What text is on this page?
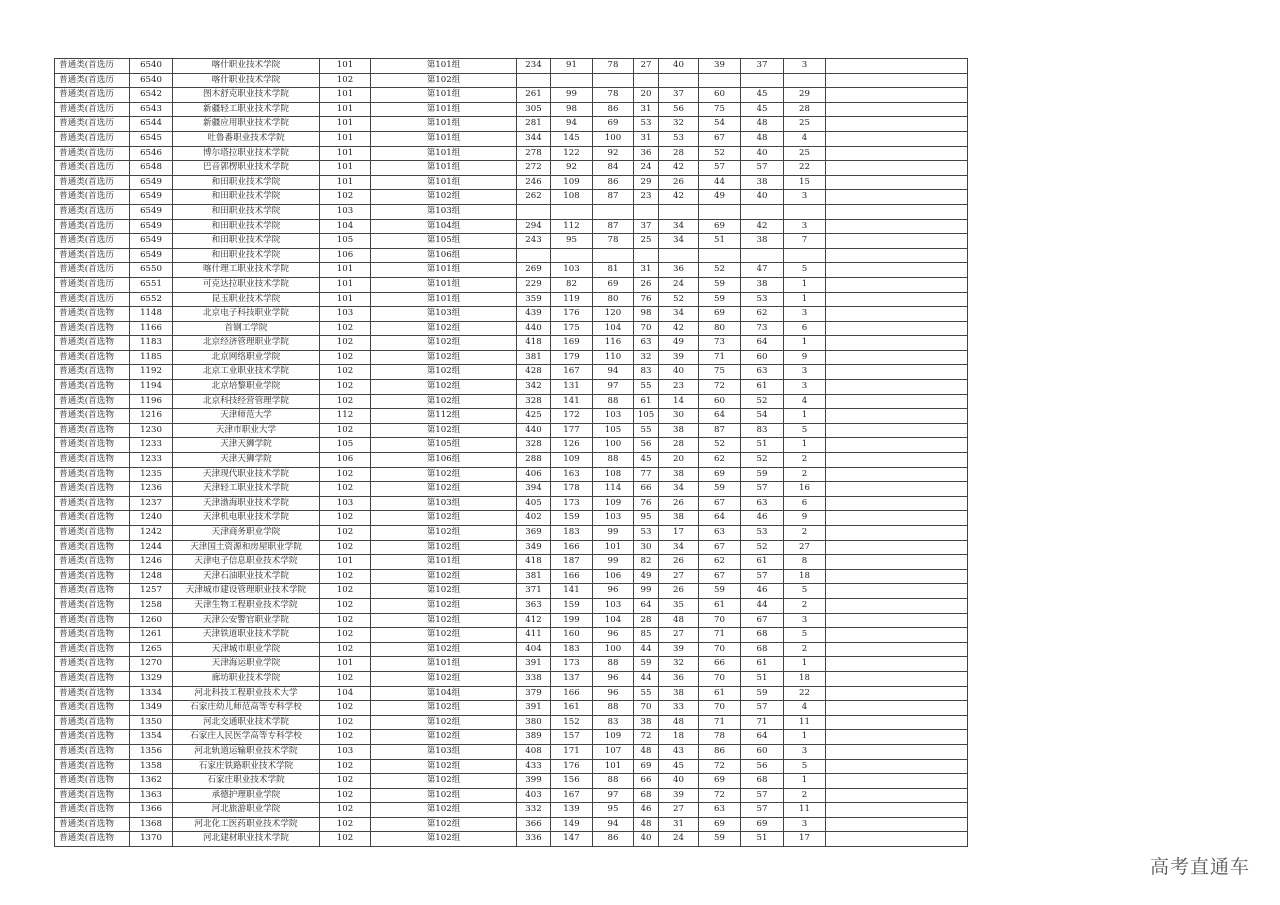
普通类(首选历	6540	喀什职业技术学院	101	第101组	234	91	78	27	40	39	37	3	
普通类(首选历	6540	喀什职业技术学院	102	第102组									
普通类(首选历	6542	图木舒克职业技术学院	101	第101组	261	99	78	20	37	60	45	29	
普通类(首选历	6543	新疆轻工职业技术学院	101	第101组	305	98	86	31	56	75	45	28	
普通类(首选历	6544	新疆应用职业技术学院	101	第101组	281	94	69	53	32	54	48	25	
普通类(首选历	6545	吐鲁番职业技术学院	101	第101组	344	145	100	31	53	67	48	4	
普通类(首选历	6546	博尔塔拉职业技术学院	101	第101组	278	122	92	36	28	52	40	25	
普通类(首选历	6548	巴音郭楞职业技术学院	101	第101组	272	92	84	24	42	57	57	22	
普通类(首选历	6549	和田职业技术学院	101	第101组	246	109	86	29	26	44	38	15	
普通类(首选历	6549	和田职业技术学院	102	第102组	262	108	87	23	42	49	40	3	
普通类(首选历	6549	和田职业技术学院	103	第103组									
普通类(首选历	6549	和田职业技术学院	104	第104组	294	112	87	37	34	69	42	3	
普通类(首选历	6549	和田职业技术学院	105	第105组	243	95	78	25	34	51	38	7	
普通类(首选历	6549	和田职业技术学院	106	第106组									
普通类(首选历	6550	喀什理工职业技术学院	101	第101组	269	103	81	31	36	52	47	5	
普通类(首选历	6551	可克达拉职业技术学院	101	第101组	229	82	69	26	24	59	38	1	
普通类(首选历	6552	昆玉职业技术学院	101	第101组	359	119	80	76	52	59	53	1	
普通类(首选物	1148	北京电子科技职业学院	103	第103组	439	176	120	98	34	69	62	3	
普通类(首选物	1166	首钢工学院	102	第102组	440	175	104	70	42	80	73	6	
普通类(首选物	1183	北京经济管理职业学院	102	第102组	418	169	116	63	49	73	64	1	
普通类(首选物	1185	北京网络职业学院	102	第102组	381	179	110	32	39	71	60	9	
普通类(首选物	1192	北京工业职业技术学院	102	第102组	428	167	94	83	40	75	63	3	
普通类(首选物	1194	北京培黎职业学院	102	第102组	342	131	97	55	23	72	61	3	
普通类(首选物	1196	北京科技经营管理学院	102	第102组	328	141	88	61	14	60	52	4	
普通类(首选物	1216	天津师范大学	112	第112组	425	172	103	105	30	64	54	1	
普通类(首选物	1230	天津市职业大学	102	第102组	440	177	105	55	38	87	83	5	
普通类(首选物	1233	天津天狮学院	105	第105组	328	126	100	56	28	52	51	1	
普通类(首选物	1233	天津天狮学院	106	第106组	288	109	88	45	20	62	52	2	
普通类(首选物	1235	天津现代职业技术学院	102	第102组	406	163	108	77	38	69	59	2	
普通类(首选物	1236	天津轻工职业技术学院	102	第102组	394	178	114	66	34	59	57	16	
普通类(首选物	1237	天津渤海职业技术学院	103	第103组	405	173	109	76	26	67	63	6	
普通类(首选物	1240	天津机电职业技术学院	102	第102组	402	159	103	95	38	64	46	9	
普通类(首选物	1242	天津商务职业学院	102	第102组	369	183	99	53	17	63	53	2	
普通类(首选物	1244	天津国土资源和房屋职业学院	102	第102组	349	166	101	30	34	67	52	27	
普通类(首选物	1246	天津电子信息职业技术学院	101	第101组	418	187	99	82	26	62	61	8	
普通类(首选物	1248	天津石油职业技术学院	102	第102组	381	166	106	49	27	67	57	18	
普通类(首选物	1257	天津城市建设管理职业技术学院	102	第102组	371	141	96	99	26	59	46	5	
普通类(首选物	1258	天津生物工程职业技术学院	102	第102组	363	159	103	64	35	61	44	2	
普通类(首选物	1260	天津公安警官职业学院	102	第102组	412	199	104	28	48	70	67	3	
普通类(首选物	1261	天津铁道职业技术学院	102	第102组	411	160	96	85	27	71	68	5	
普通类(首选物	1265	天津城市职业学院	102	第102组	404	183	100	44	39	70	68	2	
普通类(首选物	1270	天津海运职业学院	101	第101组	391	173	88	59	32	66	61	1	
普通类(首选物	1329	廊坊职业技术学院	102	第102组	338	137	96	44	36	70	51	18	
普通类(首选物	1334	河北科技工程职业技术大学	104	第104组	379	166	96	55	38	61	59	22	
普通类(首选物	1349	石家庄幼儿师范高等专科学校	102	第102组	391	161	88	70	33	70	57	4	
普通类(首选物	1350	河北交通职业技术学院	102	第102组	380	152	83	38	48	71	71	11	
普通类(首选物	1354	石家庄人民医学高等专科学校	102	第102组	389	157	109	72	18	78	64	1	
普通类(首选物	1356	河北轨道运输职业技术学院	103	第103组	408	171	107	48	43	86	60	3	
普通类(首选物	1358	石家庄铁路职业技术学院	102	第102组	433	176	101	69	45	72	56	5	
普通类(首选物	1362	石家庄职业技术学院	102	第102组	399	156	88	66	40	69	68	1	
普通类(首选物	1363	承德护理职业学院	102	第102组	403	167	97	68	39	72	57	2	
普通类(首选物	1366	河北旅游职业学院	102	第102组	332	139	95	46	27	63	57	11	
普通类(首选物	1368	河北化工医药职业技术学院	102	第102组	366	149	94	48	31	69	69	3	
普通类(首选物	1370	河北建材职业技术学院	102	第102组	336	147	86	40	24	59	51	17	
高考直通车
